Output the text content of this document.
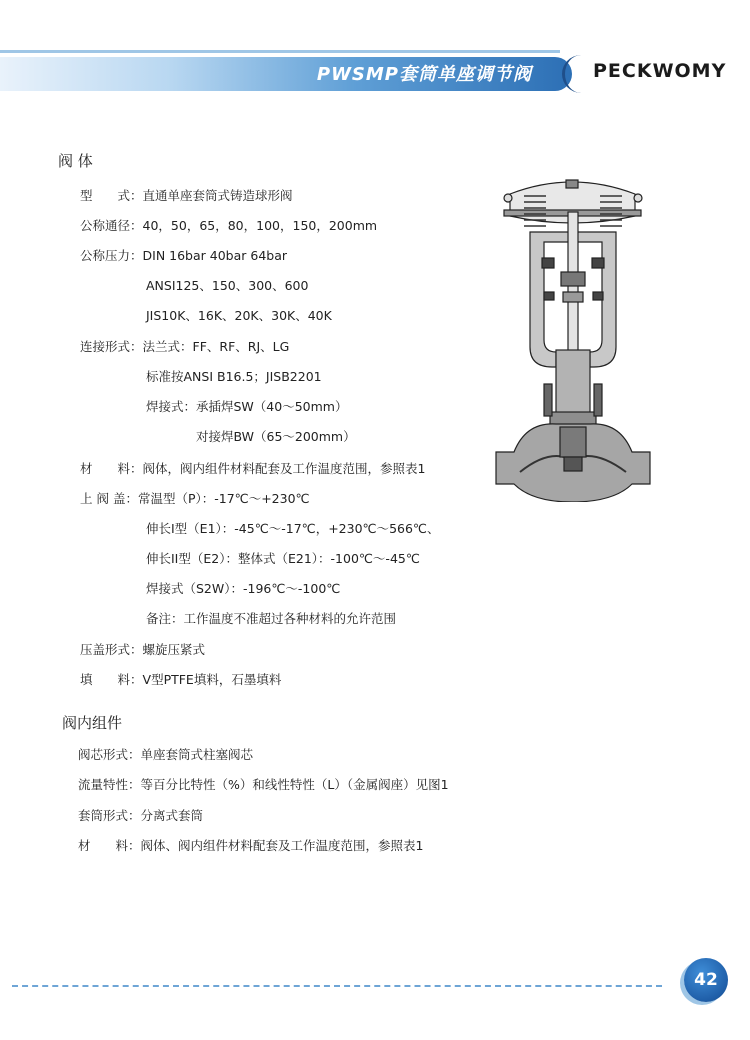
PWSMP套筒单座调节阀	PECKWOMY
阀 体
型　　式：直通单座套筒式铸造球形阀
公称通径：40，50，65，80，100，150，200mm
公称压力：DIN 16bar 40bar 64bar
ANSI125、150、300、600
JIS10K、16K、20K、30K、40K
连接形式：法兰式：FF、RF、RJ、LG
标准按ANSI B16.5；JISB2201
焊接式：承插焊SW（40～50mm）
对接焊BW（65～200mm）
材　　料：阀体，阀内组件材料配套及工作温度范围，参照表1
上 阀 盖：常温型（P）：-17℃～+230℃
伸长I型（E1）：-45℃～-17℃，+230℃～566℃、
伸长II型（E2）：整体式（E21）：-100℃～-45℃
焊接式（S2W）：-196℃～-100℃
备注：工作温度不准超过各种材料的允许范围
压盖形式：螺旋压紧式
填　　料：V型PTFE填料，石墨填料
阀内组件
阀芯形式：单座套筒式柱塞阀芯
流量特性：等百分比特性（%）和线性特性（L）（金属阀座）见图1
套筒形式：分离式套筒
材　　料：阀体、阀内组件材料配套及工作温度范围，参照表1
42
